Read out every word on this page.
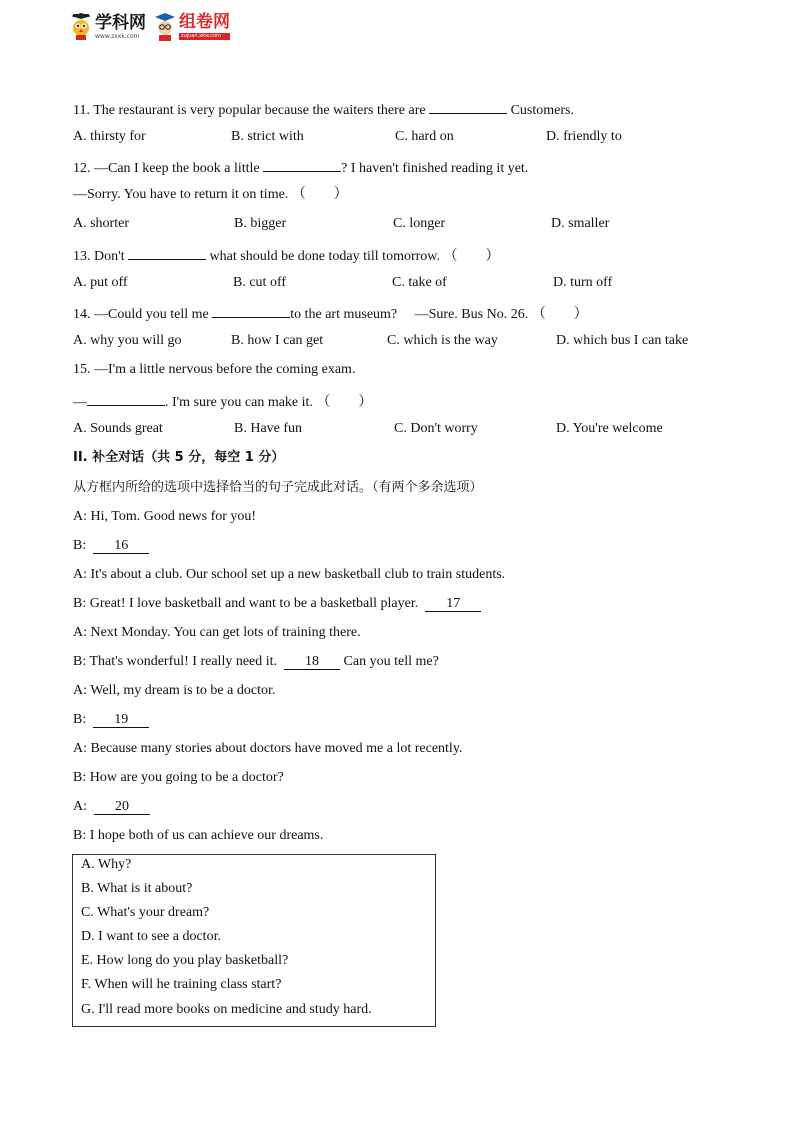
学科网
www.zxxk.com
组卷网
zujuan.xkw.com
11. The restaurant is very popular because the waiters there are	Customers.
A. thirsty for	B. strict with	C. hard on	D. friendly to
12. —Can I keep the book a little	? I haven't finished reading it yet.
—Sorry. You have to return it on time. （        ）
A. shorter	B. bigger	C. longer	D. smaller
13. Don't	what should be done today till tomorrow. （        ）
A. put off	B. cut off	C. take of	D. turn off
14. —Could you tell me	to the art museum?     —Sure. Bus No. 26. （        ）
A. why you will go	B. how I can get	C. which is the way	D. which bus I can take
15. —I'm a little nervous before the coming exam.
—	. I'm sure you can make it. （        ）
A. Sounds great	B. Have fun	C. Don't worry	D. You're welcome
II. 补全对话（共 5 分，每空 1 分）
从方框内所给的选项中选择恰当的句子完成此对话。（有两个多余选项）
A: Hi, Tom. Good news for you!
B:  16
A: It's about a club. Our school set up a new basketball club to train students.
B: Great! I love basketball and want to be a basketball player.  17
A: Next Monday. You can get lots of training there.
B: That's wonderful! I really need it.  18 Can you tell me?
A: Well, my dream is to be a doctor.
B:  19
A: Because many stories about doctors have moved me a lot recently.
B: How are you going to be a doctor?
A:  20
B: I hope both of us can achieve our dreams.
A. Why?
B. What is it about?
C. What's your dream?
D. I want to see a doctor.
E. How long do you play basketball?
F. When will he training class start?
G. I'll read more books on medicine and study hard.
